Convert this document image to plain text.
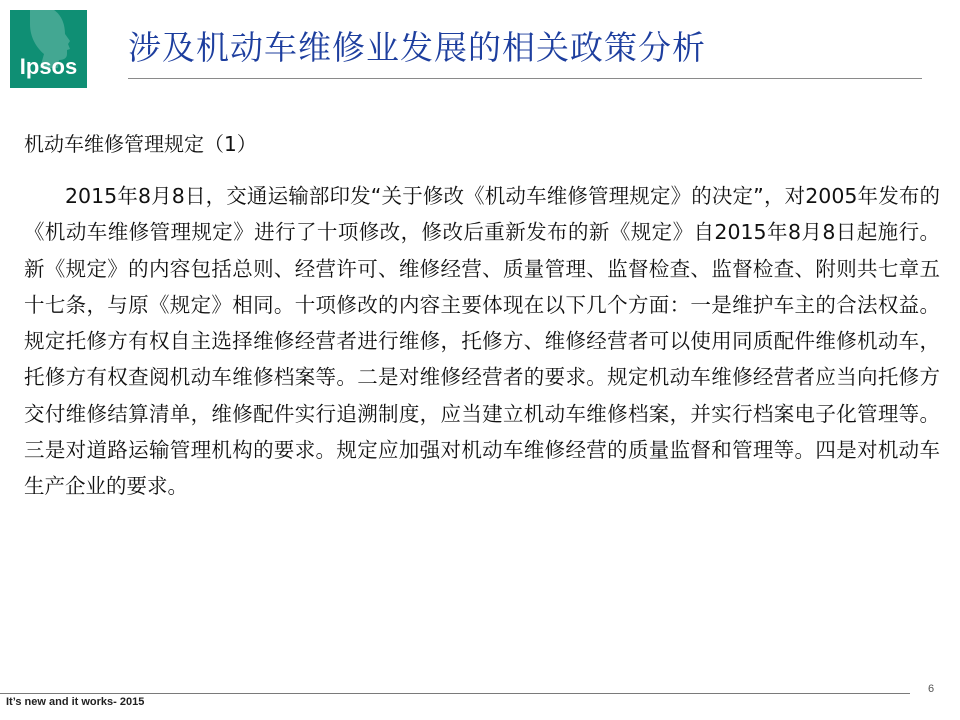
Ipsos 涉及机动车维修业发展的相关政策分析
机动车维修管理规定（1）

2015年8月8日，交通运输部印发“关于修改《机动车维修管理规定》的决定”，对2005年发布的《机动车维修管理规定》进行了十项修改，修改后重新发布的新《规定》自2015年8月8日起施行。新《规定》的内容包括总则、经营许可、维修经营、质量管理、监督检查、监督检查、附则共七章五十七条，与原《规定》相同。十项修改的内容主要体现在以下几个方面：一是维护车主的合法权益。规定托修方有权自主选择维修经营者进行维修，托修方、维修经营者可以使用同质配件维修机动车，托修方有权查阅机动车维修档案等。二是对维修经营者的要求。规定机动车维修经营者应当向托修方交付维修结算清单，维修配件实行追溯制度，应当建立机动车维修档案，并实行档案电子化管理等。三是对道路运输管理机构的要求。规定应加强对机动车维修经营的质量监督和管理等。四是对机动车生产企业的要求。

It’s new and it works- 2015
6
